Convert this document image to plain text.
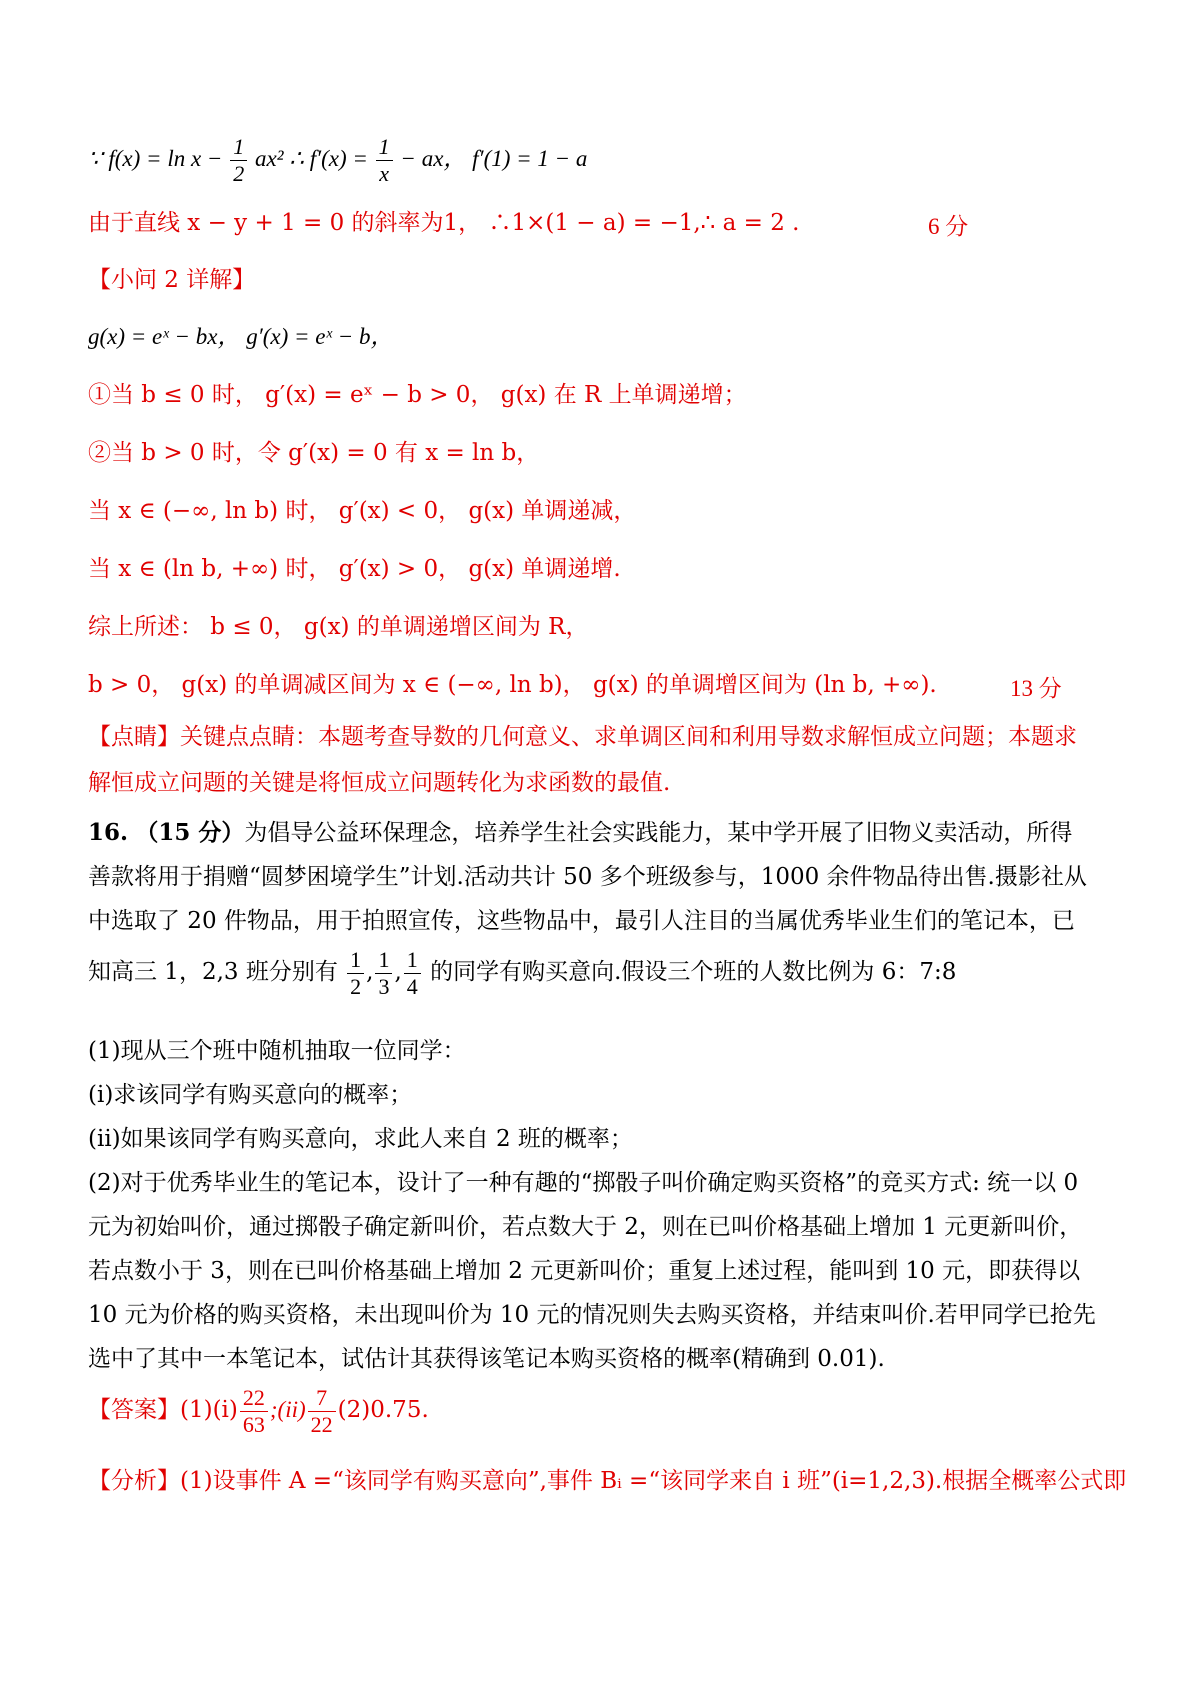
∵ $f(x) = \ln x - \frac{1}{2} ax^2$ ∴ $f'(x) = \frac{1}{x}$ − ax， f′(1) = 1 − a
由于直线 x − y + 1 = 0 的斜率为1， ∴1×(1 − a) = −1,∴ a = 2 .	6 分
【小问 2 详解】
g(x) = eˣ − bx， g′(x) = eˣ − b，
①当 b ≤ 0 时， g′(x) = eˣ − b > 0， g(x) 在 R 上单调递增；
②当 b > 0 时，令 g′(x) = 0 有 x = ln b，
当 x ∈ (−∞, ln b) 时， g′(x) < 0， g(x) 单调递减，
当 x ∈ (ln b, +∞) 时， g′(x) > 0， g(x) 单调递增.
综上所述： b ≤ 0， g(x) 的单调递增区间为 R，
b > 0， g(x) 的单调减区间为 x ∈ (−∞, ln b)， g(x) 的单调增区间为 (ln b, +∞).	13 分
【点睛】关键点点睛：本题考查导数的几何意义、求单调区间和利用导数求解恒成立问题；本题求
解恒成立问题的关键是将恒成立问题转化为求函数的最值.
16. （15 分）为倡导公益环保理念，培养学生社会实践能力，某中学开展了旧物义卖活动，所得
善款将用于捐赠“圆梦困境学生”计划.活动共计 50 多个班级参与，1000 余件物品待出售.摄影社从
中选取了 20 件物品，用于拍照宣传，这些物品中，最引人注目的当属优秀毕业生们的笔记本，已
知高三 1，2,3 班分别有 $\frac{1}{2}$ , $\frac{1}{3}$ , $\frac{1}{4}$ 的同学有购买意向.假设三个班的人数比例为 6：7:8
(1)现从三个班中随机抽取一位同学：
(i)求该同学有购买意向的概率；
(ii)如果该同学有购买意向，求此人来自 2 班的概率；
(2)对于优秀毕业生的笔记本，设计了一种有趣的“掷骰子叫价确定购买资格”的竞买方式: 统一以 0
元为初始叫价，通过掷骰子确定新叫价，若点数大于 2，则在已叫价格基础上增加 1 元更新叫价，
若点数小于 3，则在已叫价格基础上增加 2 元更新叫价；重复上述过程，能叫到 10 元，即获得以
10 元为价格的购买资格，未出现叫价为 10 元的情况则失去购买资格，并结束叫价.若甲同学已抢先
选中了其中一本笔记本，试估计其获得该笔记本购买资格的概率(精确到 0.01).
【答案】$(1)(i) \frac{22}{63}$ ;(ii) $\frac{7}{22} (2)0.75$.
【分析】(1)设事件 A =“该同学有购买意向”,事件 Bᵢ =“该同学来自 i 班”(i=1,2,3).根据全概率公式即
